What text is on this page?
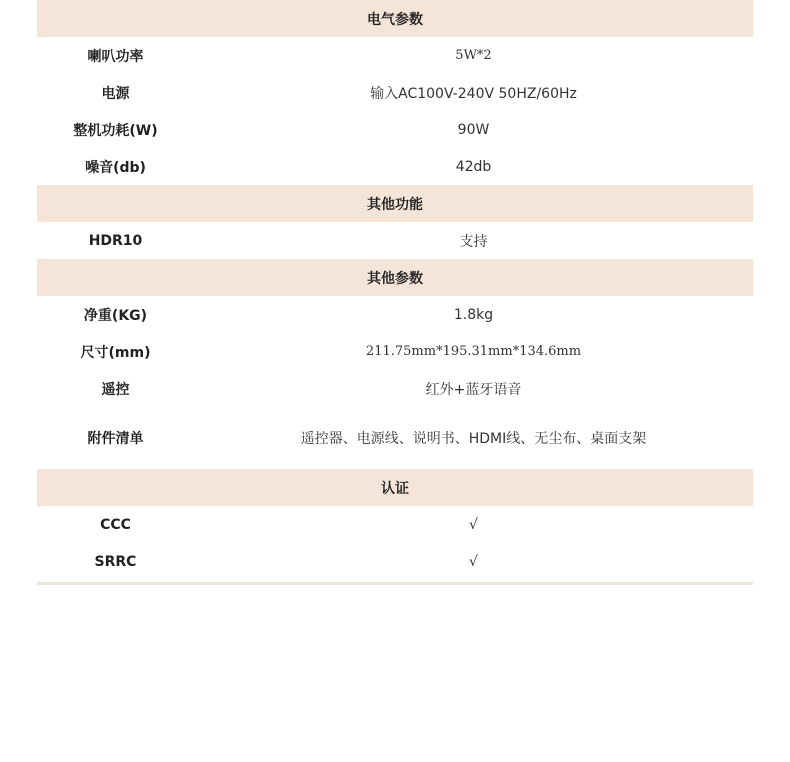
电气参数
喇叭功率	5W*2
电源	输入AC100V-240V 50HZ/60Hz
整机功耗(W)	90W
噪音(db)	42db
其他功能
HDR10	支持
其他参数
净重(KG)	1.8kg
尺寸(mm)	211.75mm*195.31mm*134.6mm
遥控	红外+蓝牙语音
附件清单	遥控器、电源线、说明书、HDMI线、无尘布、桌面支架
认证
CCC	√
SRRC	√
